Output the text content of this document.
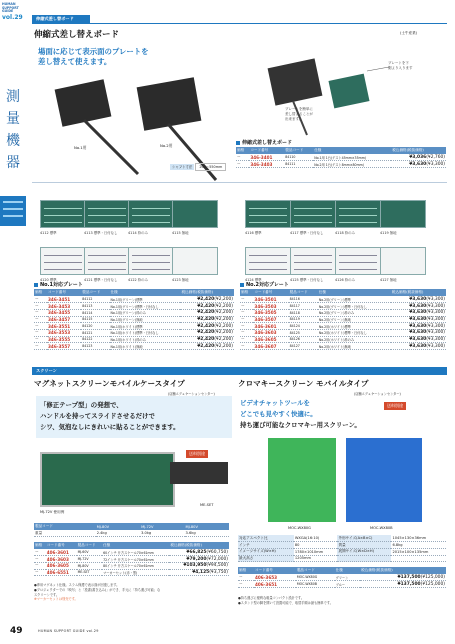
HUMAN
SUPPORT
GUIDE
vol.29
測
量
機
器
伸縮式差し替ボード
伸縮式差し替えボード	(土牛産業)
場面に応じて表示面のプレートを
差し替えて使えます。
No.1用	No.2用
シャフト寸法 200〜550mm
プレートを下
側より入ります
プレートを簡単に
差し替えることが
出来ます。
伸縮式差し替えボード
価格	コード番号	製品コード	仕様	税込価格(税抜価格)
ー	346-3401	84110	No.1用 1台(ゲスト45mm×35mm)	¥3,036(¥2,760)
ー	346-3403	84111	No.2用 1台(ゲスト8mm×80mm)	¥3,630(¥3,300)
4112 標準	4113 標準・日付なし	4114 枠のみ	4115 無地
4120 標準	4121 標準・日付なし	4122 枠のみ	4123 無地
4116 標準	4117 標準・日付なし	4118 枠のみ	4119 無地
4124 標準	4125 標準・日付なし	4126 枠のみ	4127 無地
No.1対応プレート
価格	コード番号	製品コード	仕様	税込価格(税抜価格)
ー	346-3451	84112	No.1用(グリーン)標準	¥2,420(¥2,200)
ー	346-3453	84113	No.1用(グリーン)標準・日付なし	¥2,420(¥2,200)
ー	346-3455	84114	No.1用(グリーン)枠のみ	¥2,420(¥2,200)
ー	346-3457	84115	No.1用(グリーン)無地	¥2,420(¥2,200)
ー	346-3551	84120	No.1用(ホワイト)標準	¥2,420(¥2,200)
ー	346-3553	84121	No.1用(ホワイト)標準・日付なし	¥2,420(¥2,200)
ー	346-3555	84122	No.1用(ホワイト)枠のみ	¥2,420(¥2,200)
ー	346-3557	84123	No.1用(ホワイト)無地	¥2,420(¥2,200)
No.2対応プレート
価格	コード番号	製品コード	仕様	税込価格(税抜価格)
ー	346-3501	84116	No.2用(グリーン)標準	¥3,630(¥3,300)
ー	346-3503	84117	No.2用(グリーン)標準・日付なし	¥3,630(¥3,300)
ー	346-3505	84118	No.2用(グリーン)枠のみ	¥3,630(¥3,300)
ー	346-3507	84119	No.2用(グリーン)無地	¥3,630(¥3,300)
ー	346-3601	84124	No.2用(ホワイト)標準	¥3,630(¥3,300)
ー	346-3603	84125	No.2用(ホワイト)標準・日付なし	¥3,630(¥3,300)
ー	346-3605	84126	No.2用(ホワイト)枠のみ	¥3,630(¥3,300)
ー	346-3607	84127	No.2用(ホワイト)無地	¥3,630(¥3,300)
スクリーン
マグネットスクリーンモバイルケースタイプ
(店舗エデュケーションセンター)
「修正テープ型」の発想で、
ハンドルを持ってスライドさせるだけで
シワ、気泡なしにきれいに貼ることができます。
送料別途
MJ-72V 使用例
ME-SET
製品コード	MJ-80V	MJ-72V	MJ-80V
重量	2.4kg	3.0kg	3.6kg
価格	コード番号	製品コード	仕様	税込価格(税抜価格)
ー	406-3601	MJ-60V	60インチ 片方スケール70×61mm	¥66,825(¥60,750)
ー	406-3603	MJ-72V	72インチ 片方スケール70×61mm	¥79,200(¥72,000)
ー	406-3605	MJ-80V	80インチ 片方スケール70×61mm	¥103,950(¥94,500)
ー	406-6551	ME-SET	マーカーセット(赤・黒)	¥4,125(¥3,750)
●専用マグネット仕様。スラム保護で表示面が回復します。
●プロジェクターでの「映写」と「投書(書き込み)」ができ、手元に「持ち運び可能」な
スクリーンです。
※マーカーセットは別売です。
クロマキースクリーン モバイルタイプ
(店舗エデュケーションセンター)
ビデオチャットツールを
どこでも見やすく快適に。
持ち運び可能なクロマキー用スクリーン。
送料別途
MOC-WX80G	MOC-WX80B
対応アスペクト比	WXGA(16:10)	外形サイズ(A×B×C)	1045×130×36mm
インチ	80	質量	6.8kg
イメージサイズ(W×H)	1780×1010mm	展開サイズ(W×D×H)	2015×100×135mm
最大高さ	1205mm		
価格	コード番号	製品コード	仕様	税込価格(税抜価格)
ー	406-3653	MOC-WX80G	グリーン	¥137,500(¥125,000)
ー	406-3651	MOC-WX80B	ブルー	¥137,500(¥125,000)
●持ち運びに便利な軽量コンパクト設計です。
●スタンド型の脚を開いて設置可能で、取替手順は最も簡単です。
49	HUMAN SUPPORT GUIDE vol.29
